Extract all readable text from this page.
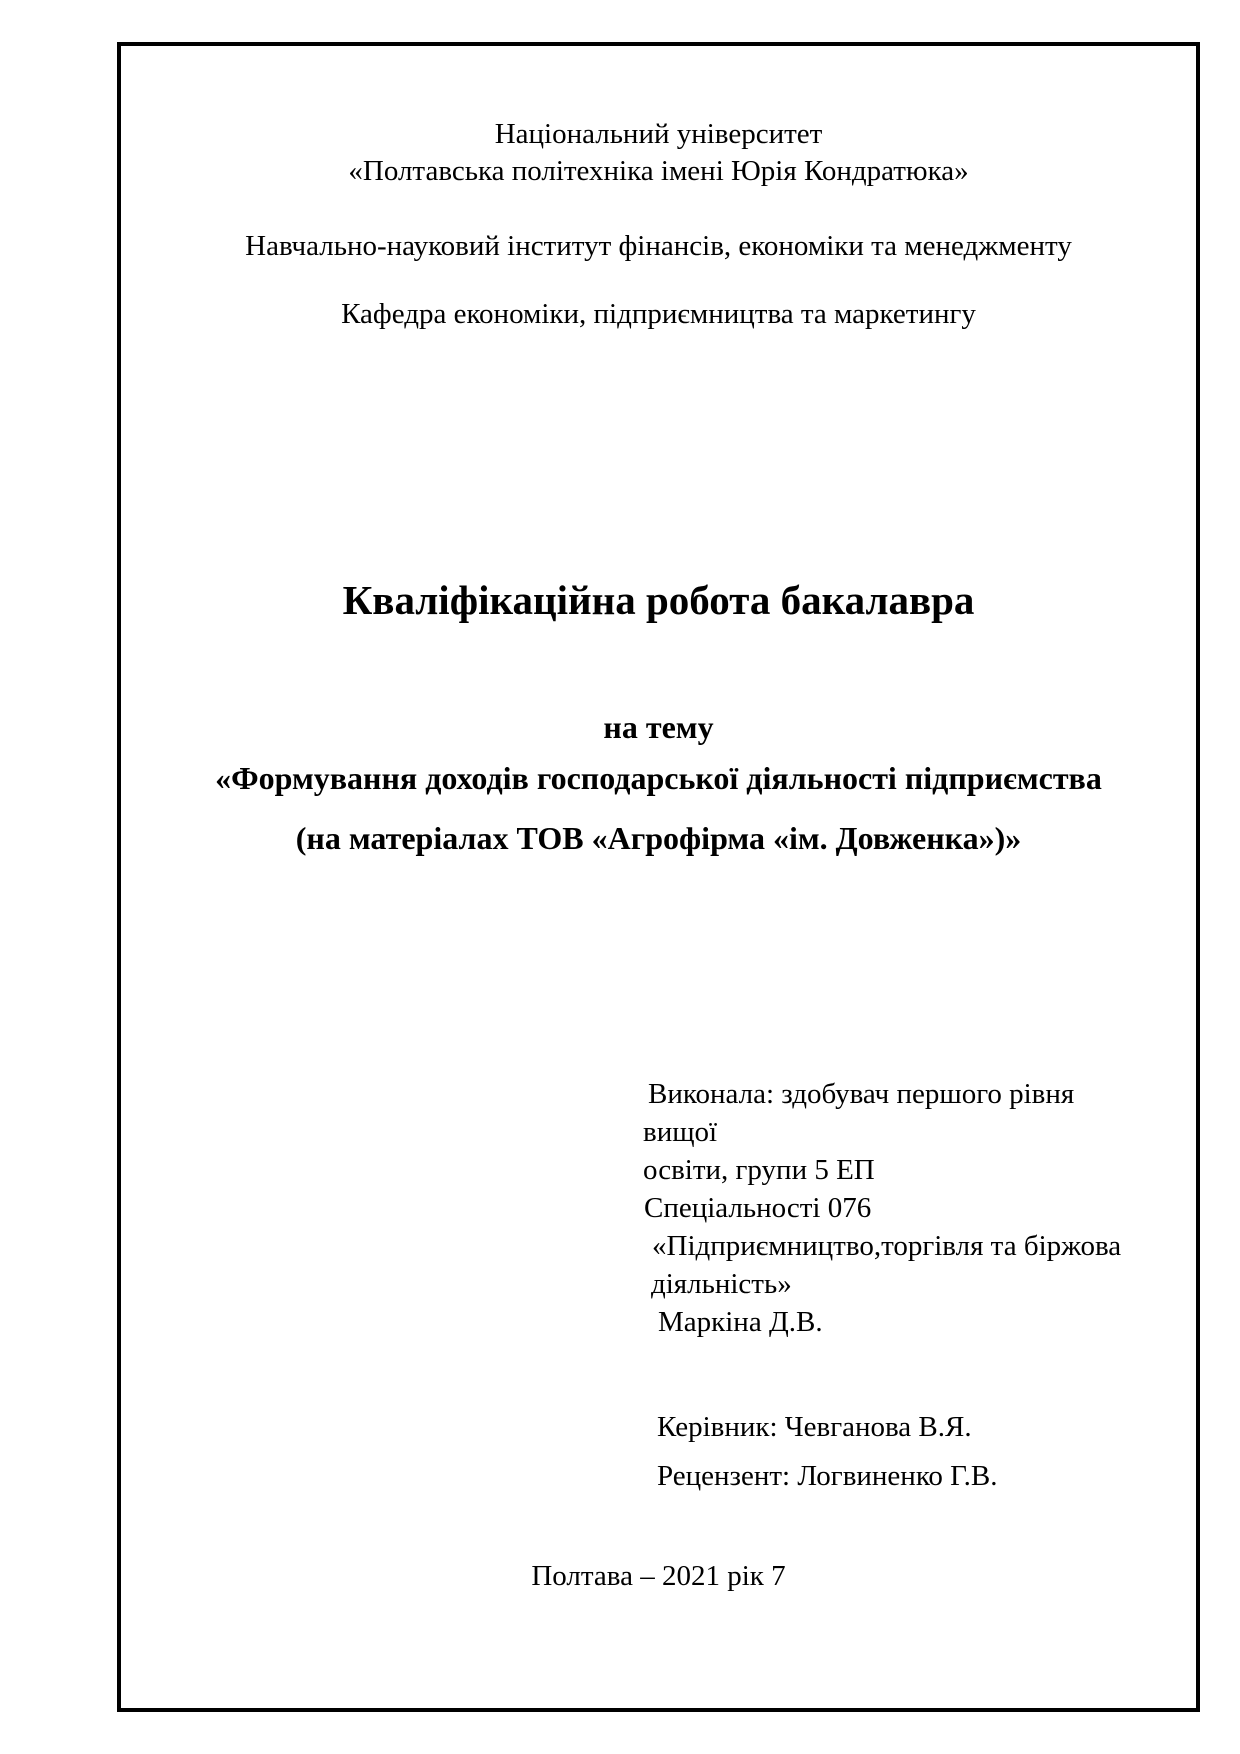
Національний університет
«Полтавська політехніка імені Юрія Кондратюка»
Навчально-науковий інститут фінансів, економіки та менеджменту
Кафедра економіки, підприємництва та маркетингу
Кваліфікаційна робота бакалавра
на тему
«Формування доходів господарської діяльності підприємства
(на матеріалах ТОВ «Агрофірма «ім. Довженка»)»
Виконала: здобувач першого рівня
вищої
освіти, групи 5 ЕП
Спеціальності 076
«Підприємництво,торгівля та біржова
діяльність»
Маркіна Д.В.
Керівник: Чевганова В.Я.
Рецензент: Логвиненко Г.В.
Полтава – 2021 рік 7
